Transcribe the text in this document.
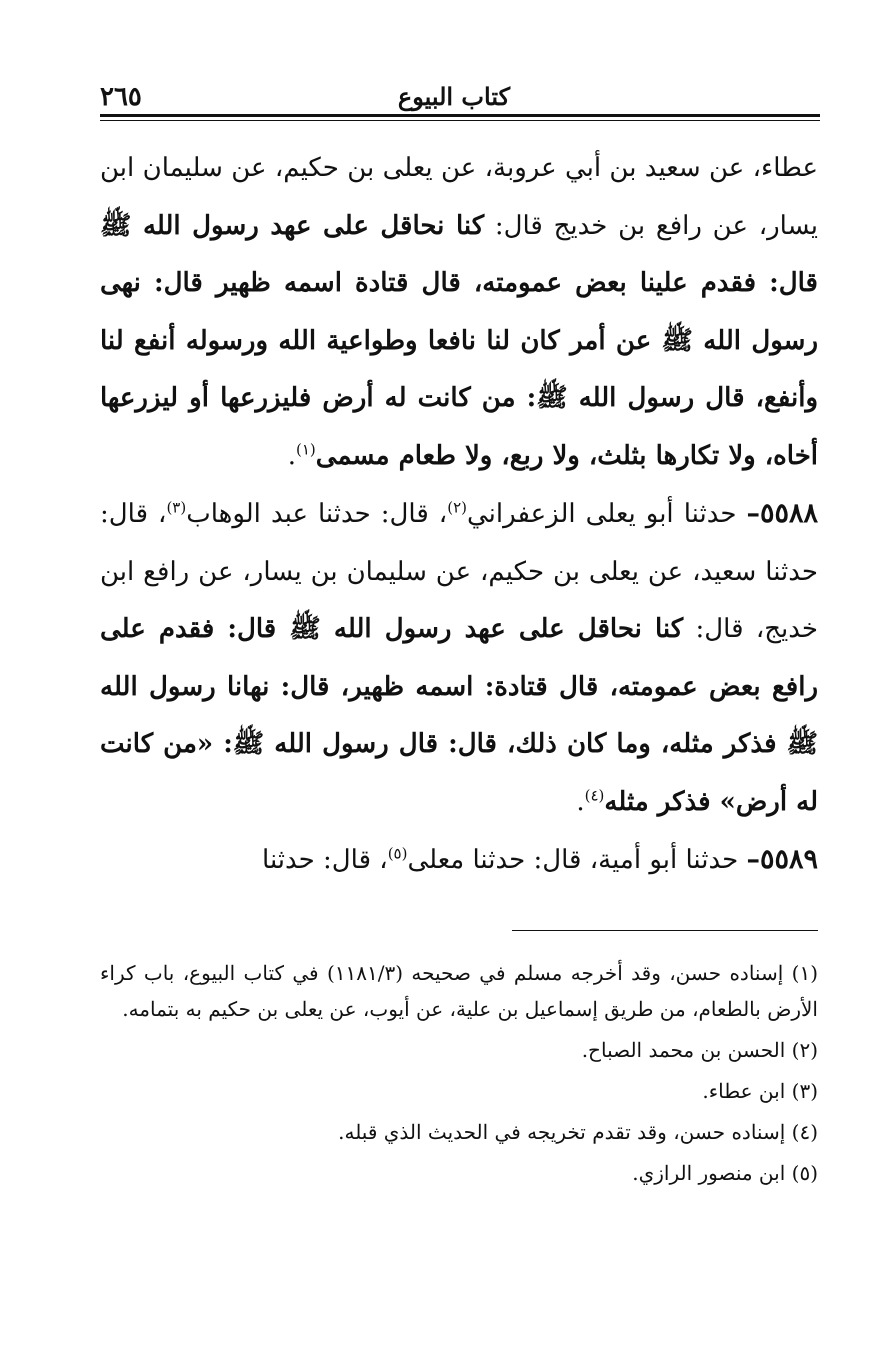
كتاب البيوع
٢٦٥

عطاء، عن سعيد بن أبي عروبة، عن يعلى بن حكيم، عن سليمان ابن يسار، عن رافع بن خديج قال: كنا نحاقل على عهد رسول الله ﷺ قال: فقدم علينا بعض عمومته، قال قتادة اسمه ظهير قال: نهى رسول الله ﷺ عن أمر كان لنا نافعا وطواعية الله ورسوله أنفع لنا وأنفع، قال رسول الله ﷺ: من كانت له أرض فليزرعها أو ليزرعها أخاه، ولا تكارها بثلث، ولا ربع، ولا طعام مسمى$^{(١)}$.

٥٥٨٨– حدثنا أبو يعلى الزعفراني$^{(٢)}$، قال: حدثنا عبد الوهاب$^{(٣)}$، قال: حدثنا سعيد، عن يعلى بن حكيم، عن سليمان بن يسار، عن رافع ابن خديج، قال: كنا نحاقل على عهد رسول الله ﷺ قال: فقدم على رافع بعض عمومته، قال قتادة: اسمه ظهير، قال: نهانا رسول الله ﷺ فذكر مثله، وما كان ذلك، قال: قال رسول الله ﷺ: «من كانت له أرض» فذكر مثله$^{(٤)}$.

٥٥٨٩– حدثنا أبو أمية، قال: حدثنا معلى$^{(٥)}$، قال: حدثنا

(١) إسناده حسن، وقد أخرجه مسلم في صحيحه (١١٨١/٣) في كتاب البيوع، باب كراء الأرض بالطعام، من طريق إسماعيل بن علية، عن أيوب، عن يعلى بن حكيم به بتمامه.

(٢) الحسن بن محمد الصباح.

(٣) ابن عطاء.

(٤) إسناده حسن، وقد تقدم تخريجه في الحديث الذي قبله.

(٥) ابن منصور الرازي.
